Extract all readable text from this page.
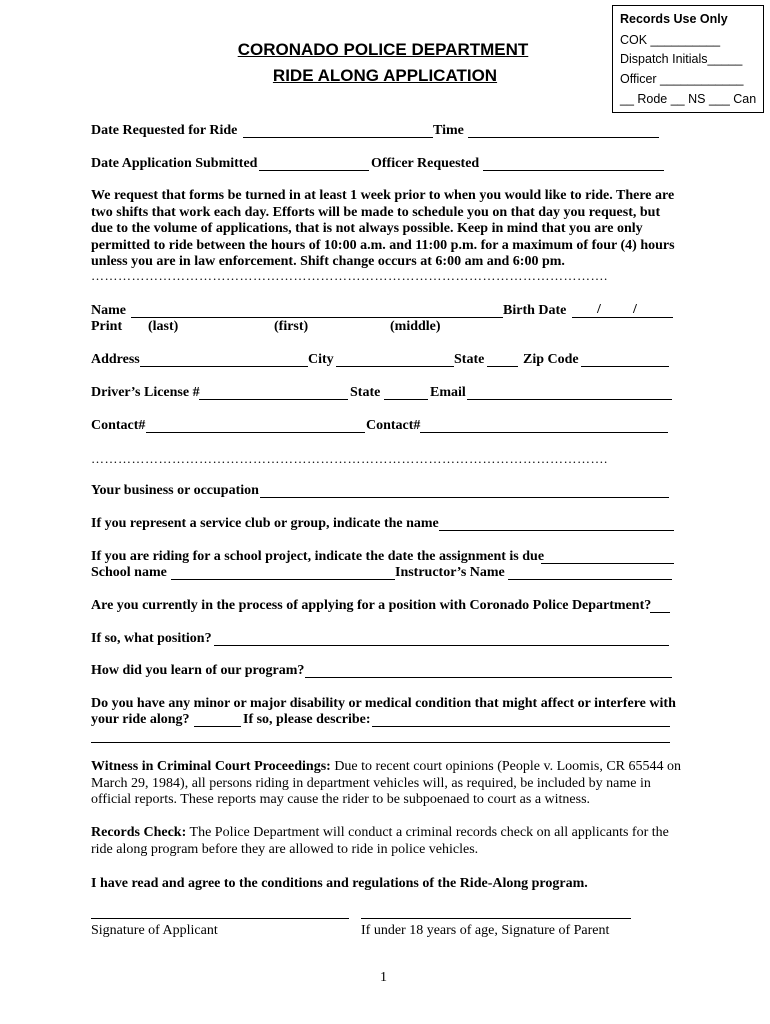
Records Use Only
COK __________
Dispatch Initials_____
Officer ____________
__ Rode __ NS ___ Can
CORONADO POLICE DEPARTMENT
RIDE ALONG APPLICATION
Date Requested for Ride	Time
Date Application Submitted	Officer Requested

We request that forms be turned in at least 1 week prior to when you would like to ride. There are

two shifts that work each day. Efforts will be made to schedule you on that day you request, but

due to the volume of applications, that is not always possible. Keep in mind that you are only

permitted to ride between the hours of 10:00 a.m. and 11:00 p.m. for a maximum of four (4) hours

unless you are in law enforcement. Shift change occurs at 6:00 am and 6:00 pm.

…………………………………………………………………………………………………….
Name	Birth Date / /
Print (last)	(first)	(middle)
Address	City	State	Zip Code
Driver’s License #	State	Email
Contact#	Contact#
…………………………………………………………………………………………………….
Your business or occupation
If you represent a service club or group, indicate the name
If you are riding for a school project, indicate the date the assignment is due
School name	Instructor’s Name
Are you currently in the process of applying for a position with Coronado Police Department?
If so, what position?
How did you learn of our program?
Do you have any minor or major disability or medical condition that might affect or interfere with
your ride along?	If so, please describe:

Witness in Criminal Court Proceedings: Due to recent court opinions (People v. Loomis, CR 65544 on

March 29, 1984), all persons riding in department vehicles will, as required, be included by name in

official reports. These reports may cause the rider to be subpoenaed to court as a witness.

Records Check: The Police Department will conduct a criminal records check on all applicants for the

ride along program before they are allowed to ride in police vehicles.

I have read and agree to the conditions and regulations of the Ride-Along program.
Signature of Applicant	If under 18 years of age, Signature of Parent
1
